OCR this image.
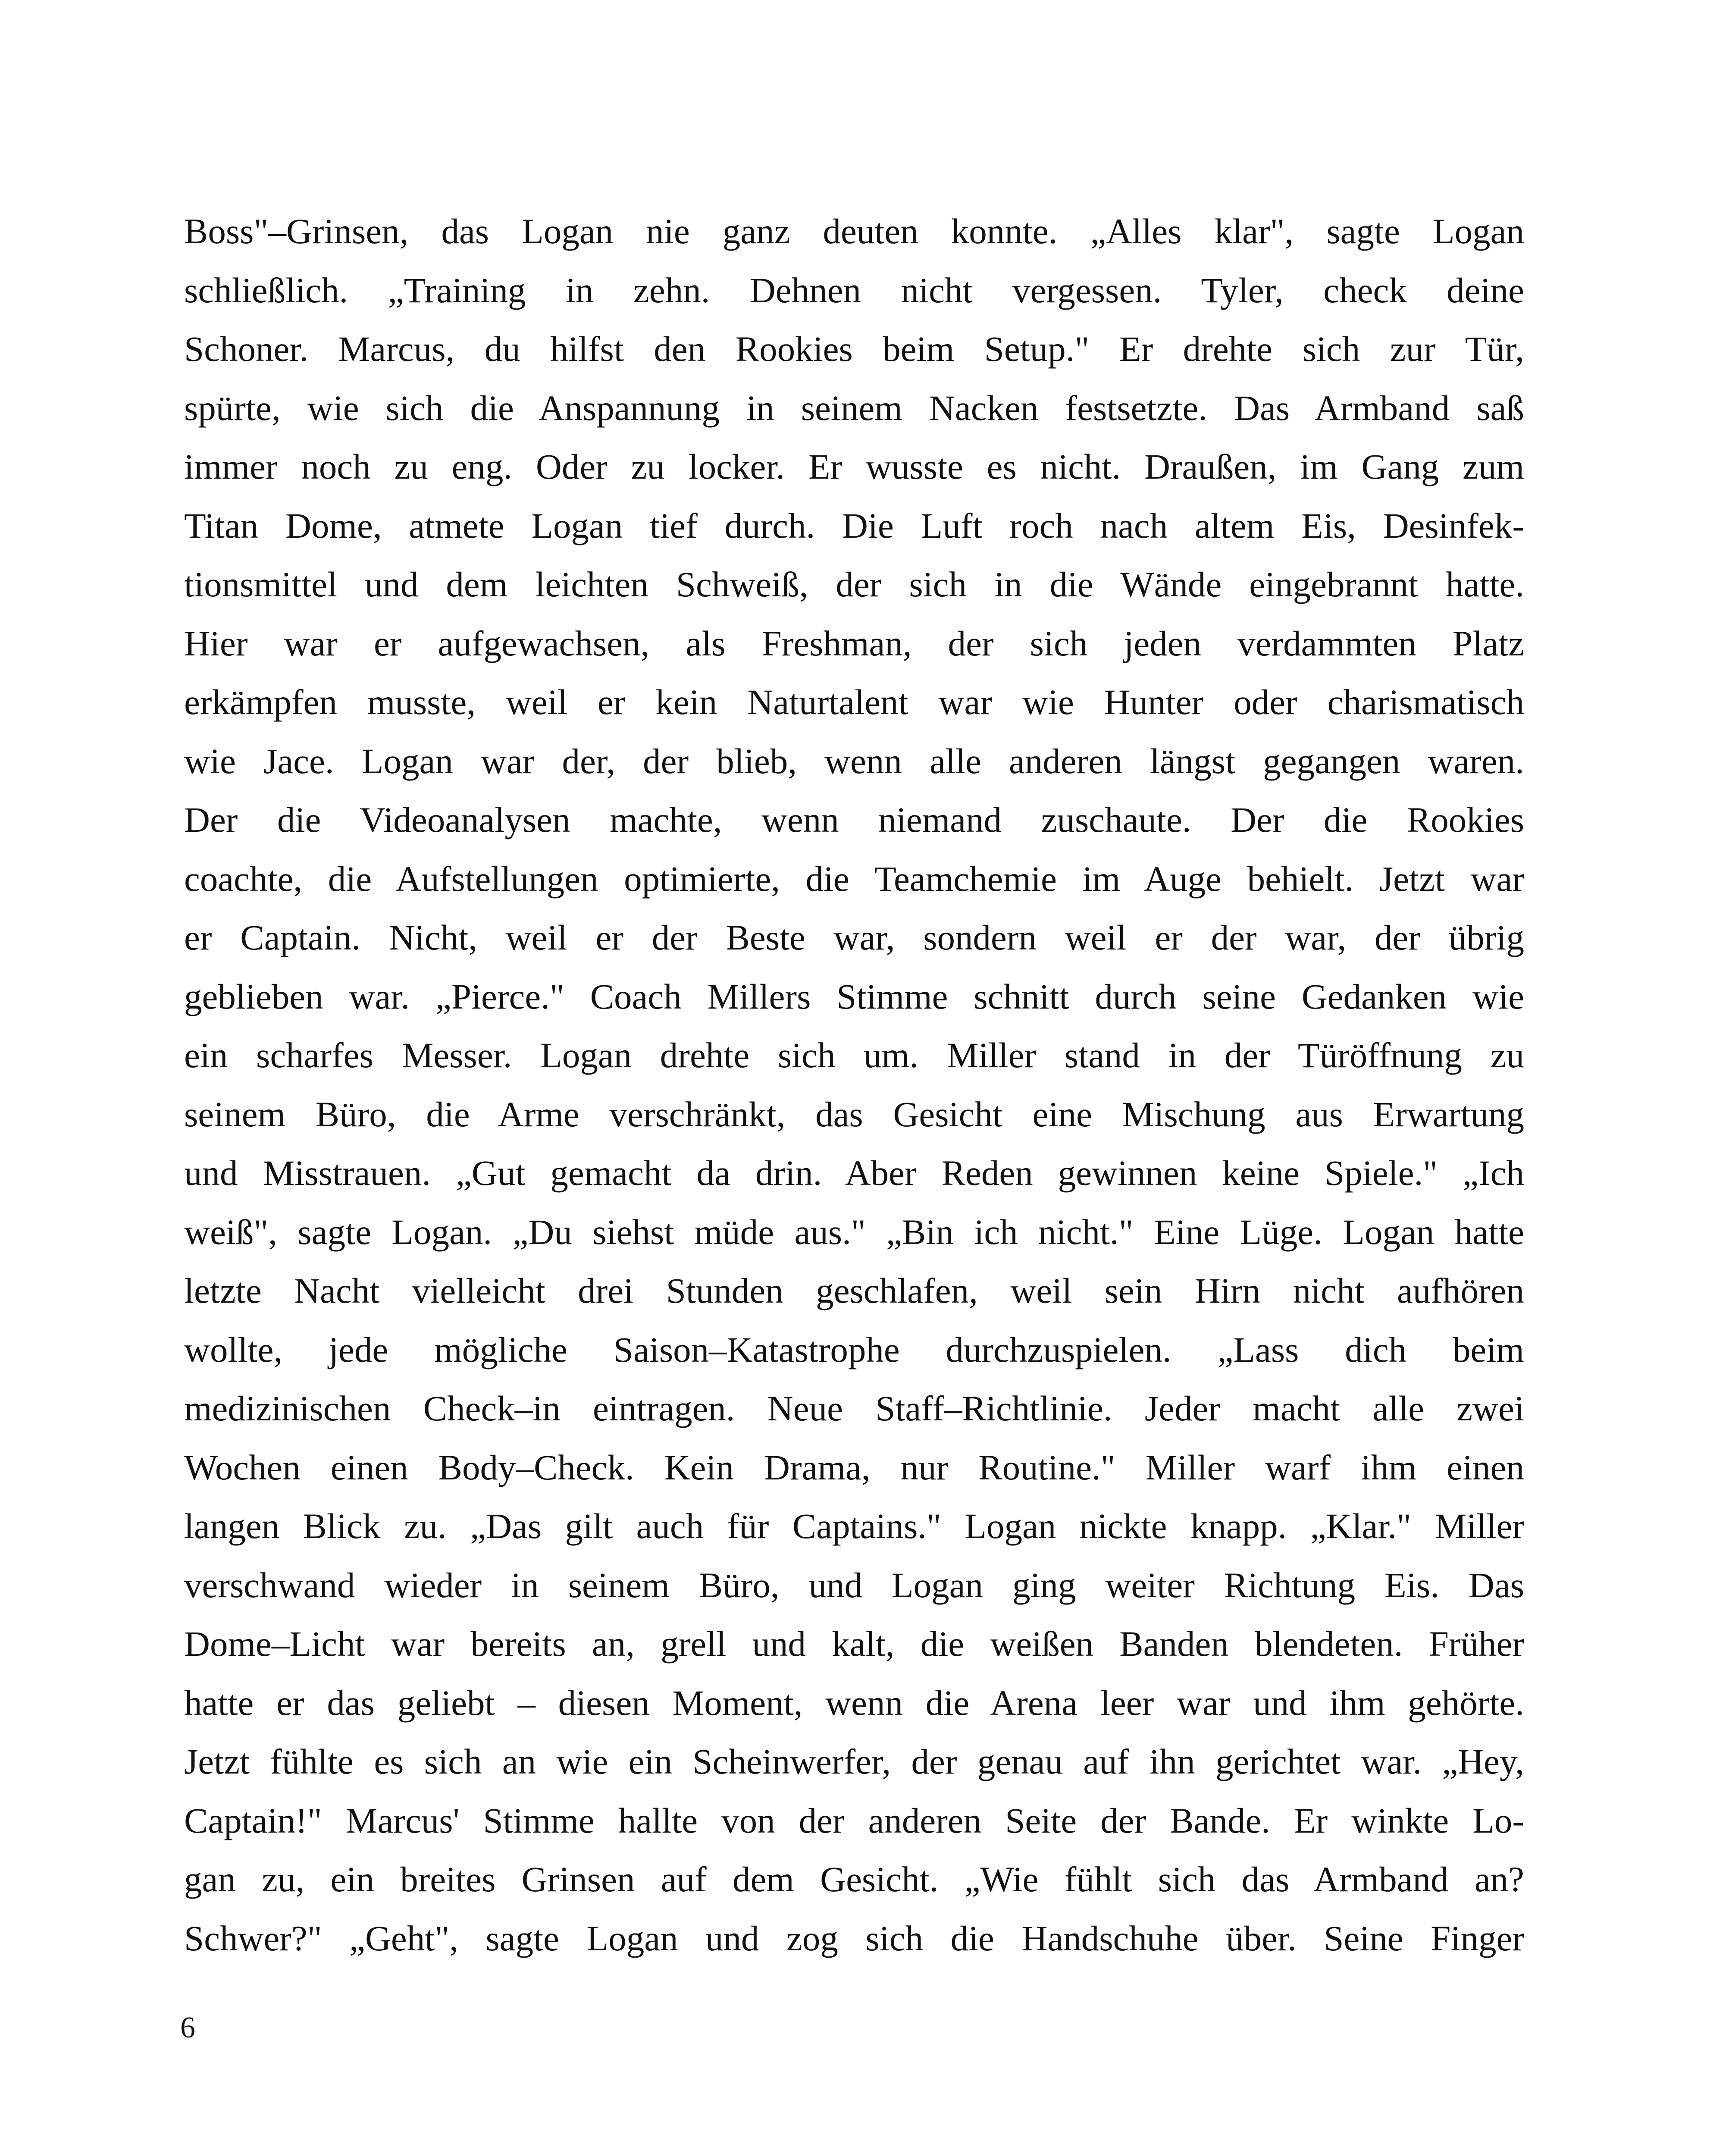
Boss"–Grinsen, das Logan nie ganz deuten konnte. „Alles klar", sagte Logan
schließlich. „Training in zehn. Dehnen nicht vergessen. Tyler, check deine
Schoner. Marcus, du hilfst den Rookies beim Setup." Er drehte sich zur Tür,
spürte, wie sich die Anspannung in seinem Nacken festsetzte. Das Armband saß
immer noch zu eng. Oder zu locker. Er wusste es nicht. Draußen, im Gang zum
Titan Dome, atmete Logan tief durch. Die Luft roch nach altem Eis, Desinfek-
tionsmittel und dem leichten Schweiß, der sich in die Wände eingebrannt hatte.
Hier war er aufgewachsen, als Freshman, der sich jeden verdammten Platz
erkämpfen musste, weil er kein Naturtalent war wie Hunter oder charismatisch
wie Jace. Logan war der, der blieb, wenn alle anderen längst gegangen waren.
Der die Videoanalysen machte, wenn niemand zuschaute. Der die Rookies
coachte, die Aufstellungen optimierte, die Teamchemie im Auge behielt. Jetzt war
er Captain. Nicht, weil er der Beste war, sondern weil er der war, der übrig
geblieben war. „Pierce." Coach Millers Stimme schnitt durch seine Gedanken wie
ein scharfes Messer. Logan drehte sich um. Miller stand in der Türöffnung zu
seinem Büro, die Arme verschränkt, das Gesicht eine Mischung aus Erwartung
und Misstrauen. „Gut gemacht da drin. Aber Reden gewinnen keine Spiele." „Ich
weiß", sagte Logan. „Du siehst müde aus." „Bin ich nicht." Eine Lüge. Logan hatte
letzte Nacht vielleicht drei Stunden geschlafen, weil sein Hirn nicht aufhören
wollte, jede mögliche Saison–Katastrophe durchzuspielen. „Lass dich beim
medizinischen Check–in eintragen. Neue Staff–Richtlinie. Jeder macht alle zwei
Wochen einen Body–Check. Kein Drama, nur Routine." Miller warf ihm einen
langen Blick zu. „Das gilt auch für Captains." Logan nickte knapp. „Klar." Miller
verschwand wieder in seinem Büro, und Logan ging weiter Richtung Eis. Das
Dome–Licht war bereits an, grell und kalt, die weißen Banden blendeten. Früher
hatte er das geliebt – diesen Moment, wenn die Arena leer war und ihm gehörte.
Jetzt fühlte es sich an wie ein Scheinwerfer, der genau auf ihn gerichtet war. „Hey,
Captain!" Marcus' Stimme hallte von der anderen Seite der Bande. Er winkte Lo-
gan zu, ein breites Grinsen auf dem Gesicht. „Wie fühlt sich das Armband an?
Schwer?" „Geht", sagte Logan und zog sich die Handschuhe über. Seine Finger
6
